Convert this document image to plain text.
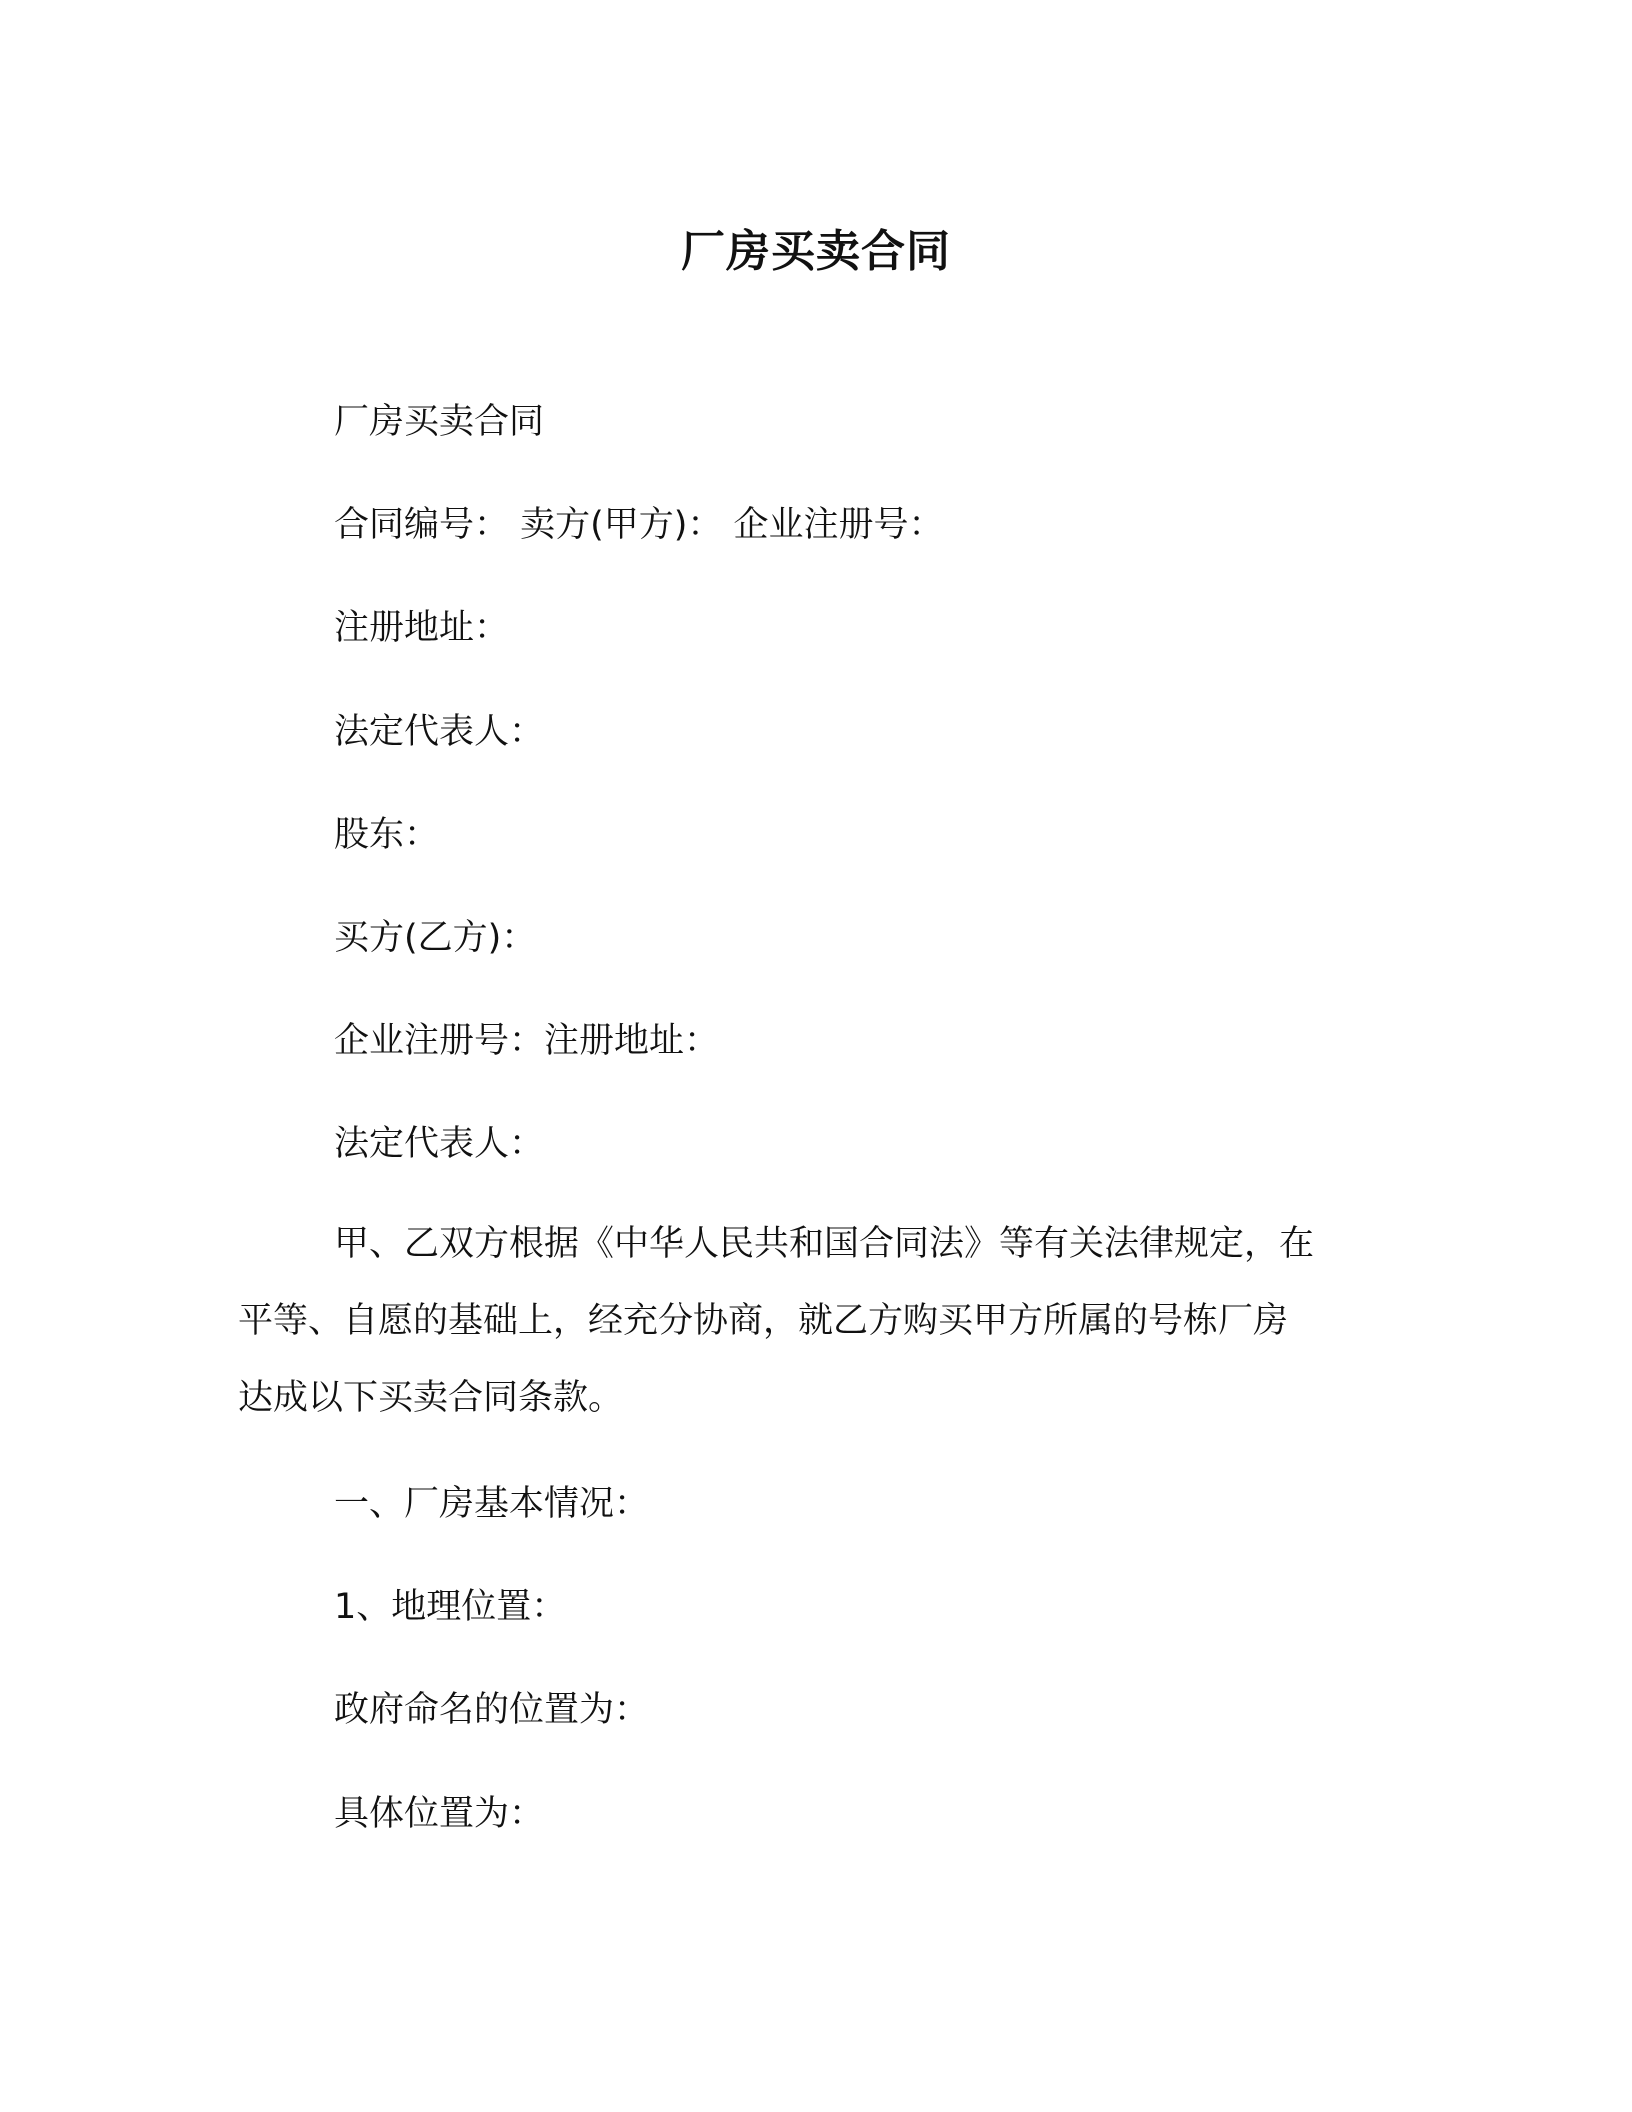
厂房买卖合同
厂房买卖合同
合同编号： 卖方(甲方)： 企业注册号：
注册地址：
法定代表人：
股东：
买方(乙方)：
企业注册号：注册地址：
法定代表人：
甲、乙双方根据《中华人民共和国合同法》等有关法律规定，在
平等、自愿的基础上，经充分协商，就乙方购买甲方所属的号栋厂房
达成以下买卖合同条款。
一、厂房基本情况：
1、地理位置：
政府命名的位置为：
具体位置为：
